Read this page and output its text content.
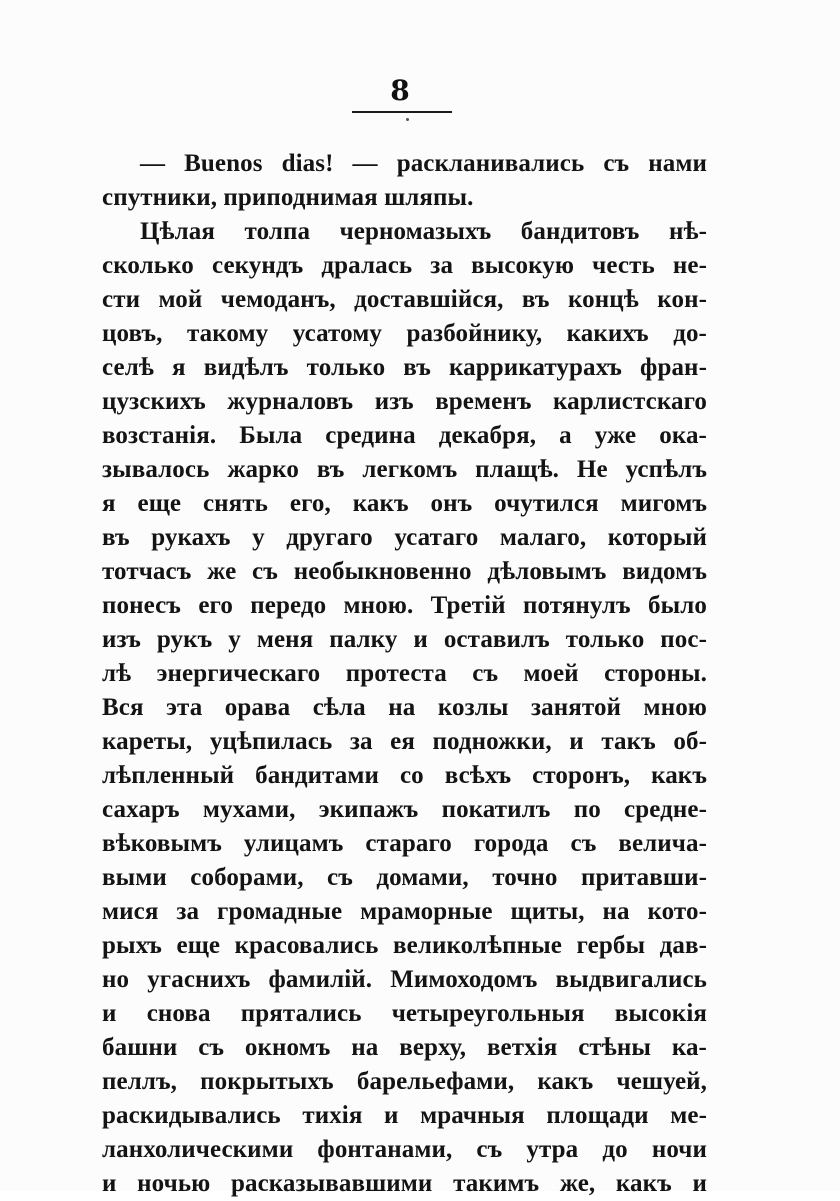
8
— Buenos dias! — раскланивались съ нами
спутники, приподнимая шляпы.
Цѣлая толпа черномазыхъ бандитовъ нѣ-
сколько секундъ дралась за высокую честь не-
сти мой чемоданъ, доставшійся, въ концѣ кон-
цовъ, такому усатому разбойнику, какихъ до-
селѣ я видѣлъ только въ каррикатурахъ фран-
цузскихъ журналовъ изъ временъ карлистскаго
возстанія. Была средина декабря, а уже ока-
зывалось жарко въ легкомъ плащѣ. Не успѣлъ
я еще снять его, какъ онъ очутился мигомъ
въ рукахъ у другаго усатаго малаго, который
тотчасъ же съ необыкновенно дѣловымъ видомъ
понесъ его передо мною. Третій потянулъ было
изъ рукъ у меня палку и оставилъ только пос-
лѣ энергическаго протеста съ моей стороны.
Вся эта орава сѣла на козлы занятой мною
кареты, уцѣпилась за ея подножки, и такъ об-
лѣпленный бандитами со всѣхъ сторонъ, какъ
сахаръ мухами, экипажъ покатилъ по средне-
вѣковымъ улицамъ стараго города съ велича-
выми соборами, съ домами, точно притавши-
мися за громадные мраморные щиты, на кото-
рыхъ еще красовались великолѣпные гербы дав-
но угаснихъ фамилій. Мимоходомъ выдвигались
и снова прятались четыреугольныя высокія
башни съ окномъ на верху, ветхія стѣны ка-
пеллъ, покрытыхъ барельефами, какъ чешуей,
раскидывались тихія и мрачныя площади ме-
ланхолическими фонтанами, съ утра до ночи
и ночью расказывавшими такимъ же, какъ и
